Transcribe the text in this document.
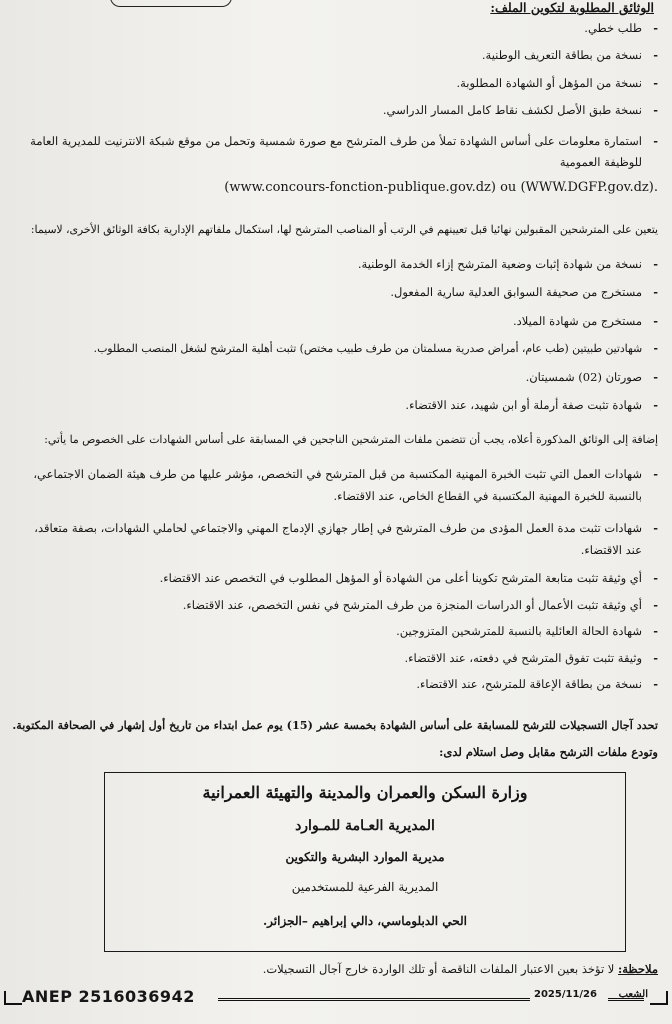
الوثائق المطلوبة لتكوين الملف:
- طلب خطي.
- نسخة من بطاقة التعريف الوطنية.
- نسخة من المؤهل أو الشهادة المطلوبة.
- نسخة طبق الأصل لكشف نقاط كامل المسار الدراسي.
- استمارة معلومات على أساس الشهادة تملأ من طرف المترشح مع صورة شمسية وتحمل من موقع شبكة الانترنيت للمديرية العامة للوظيفة العمومية
(www.concours-fonction-publique.gov.dz) ou (WWW.DGFP.gov.dz).
يتعين على المترشحين المقبولين نهائيا قبل تعيينهم في الرتب أو المناصب المترشح لها، استكمال ملفاتهم الإدارية بكافة الوثائق الأخرى، لاسيما:
- نسخة من شهادة إثبات وضعية المترشح إزاء الخدمة الوطنية.
- مستخرج من صحيفة السوابق العدلية سارية المفعول.
- مستخرج من شهادة الميلاد.
- شهادتين طبيتين (طب عام، أمراض صدرية مسلمتان من طرف طبيب مختص) تثبت أهلية المترشح لشغل المنصب المطلوب.
- صورتان (02) شمسيتان.
- شهادة تثبت صفة أرملة أو ابن شهيد، عند الاقتضاء.
إضافة إلى الوثائق المذكورة أعلاه، يجب أن تتضمن ملفات المترشحين الناجحين في المسابقة على أساس الشهادات على الخصوص ما يأتي:
- شهادات العمل التي تثبت الخبرة المهنية المكتسبة من قبل المترشح في التخصص، مؤشر عليها من طرف هيئة الضمان الاجتماعي، بالنسبة للخبرة المهنية المكتسبة في القطاع الخاص، عند الاقتضاء.
- شهادات تثبت مدة العمل المؤدى من طرف المترشح في إطار جهازي الإدماج المهني والاجتماعي لحاملي الشهادات، بصفة متعاقد، عند الاقتضاء.
- أي وثيقة تثبت متابعة المترشح تكوينا أعلى من الشهادة أو المؤهل المطلوب في التخصص عند الاقتضاء.
- أي وثيقة تثبت الأعمال أو الدراسات المنجزة من طرف المترشح في نفس التخصص، عند الاقتضاء.
- شهادة الحالة العائلية بالنسبة للمترشحين المتزوجين.
- وثيقة تثبت تفوق المترشح في دفعته، عند الاقتضاء.
- نسخة من بطاقة الإعاقة للمترشح، عند الاقتضاء.
تحدد آجال التسجيلات للترشح للمسابقة على أساس الشهادة بخمسة عشر (15) يوم عمل ابتداء من تاريخ أول إشهار في الصحافة المكتوبة.
وتودع ملفات الترشح مقابل وصل استلام لدى:
وزارة السكن والعمران والمدينة والتهيئة العمرانية
المديرية العـامة للمـوارد
مديرية الموارد البشرية والتكوين
المديرية الفرعية للمستخدمين
الحي الدبلوماسي، دالي إبراهيم –الجزائر.
ملاحظة: لا تؤخذ بعين الاعتبار الملفات الناقصة أو تلك الواردة خارج آجال التسجيلات.
ANEP 2516036942	2025/11/26 الشعب
